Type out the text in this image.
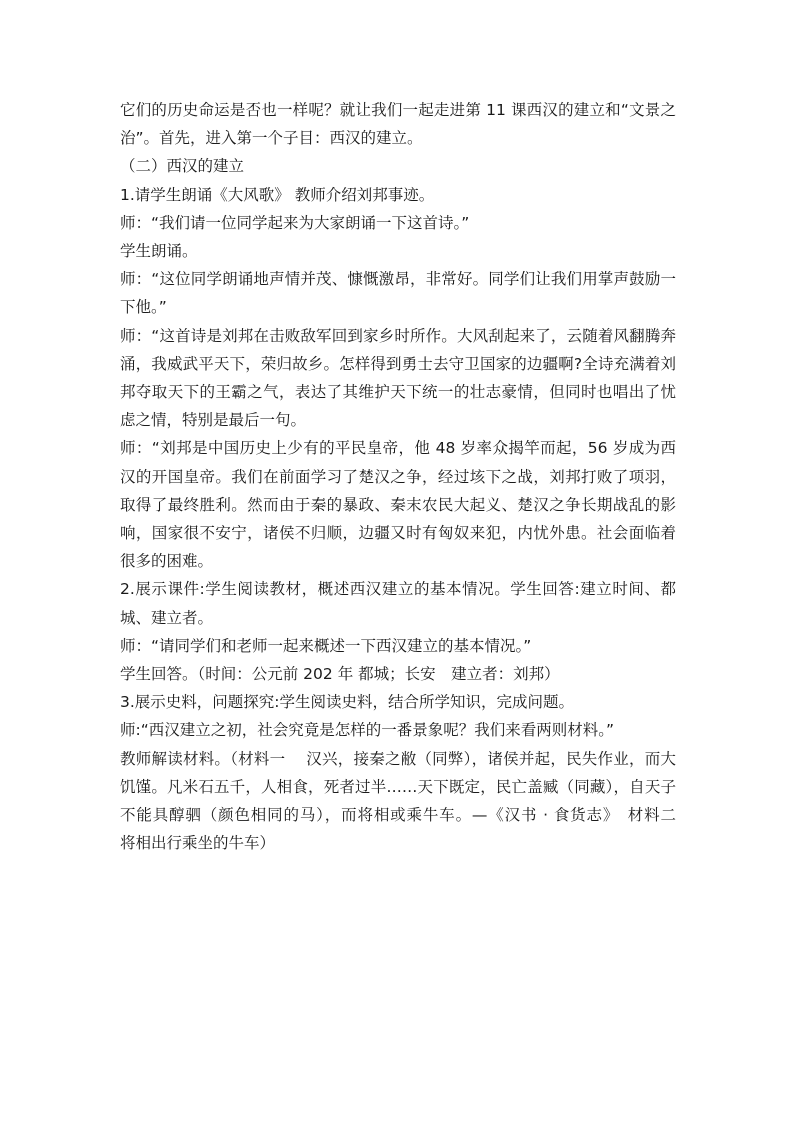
它们的历史命运是否也一样呢？就让我们一起走进第 11 课西汉的建立和“文景之治”。首先，进入第一个子目：西汉的建立。

（二）西汉的建立

1.请学生朗诵《大风歌》 教师介绍刘邦事迹。

师：“我们请一位同学起来为大家朗诵一下这首诗。”

学生朗诵。

师：“这位同学朗诵地声情并茂、慷慨激昂，非常好。同学们让我们用掌声鼓励一下他。”

师：“这首诗是刘邦在击败敌军回到家乡时所作。大风刮起来了，云随着风翻腾奔涌，我威武平天下，荣归故乡。怎样得到勇士去守卫国家的边疆啊?全诗充满着刘邦夺取天下的王霸之气，表达了其维护天下统一的壮志豪情，但同时也唱出了忧虑之情，特别是最后一句。

师：“刘邦是中国历史上少有的平民皇帝，他 48 岁率众揭竿而起，56 岁成为西汉的开国皇帝。我们在前面学习了楚汉之争，经过垓下之战，刘邦打败了项羽，取得了最终胜利。然而由于秦的暴政、秦末农民大起义、楚汉之争长期战乱的影响，国家很不安宁，诸侯不归顺，边疆又时有匈奴来犯，内忧外患。社会面临着很多的困难。

2.展示课件:学生阅读教材，概述西汉建立的基本情况。学生回答:建立时间、都城、建立者。

师：“请同学们和老师一起来概述一下西汉建立的基本情况。”

学生回答。（时间：公元前 202 年 都城；长安　建立者：刘邦）

3.展示史料，问题探究:学生阅读史料，结合所学知识，完成问题。

师:“西汉建立之初，社会究竟是怎样的一番景象呢？我们来看两则材料。”

教师解读材料。（材料一　 汉兴，接秦之敝（同弊），诸侯并起，民失作业，而大饥馑。凡米石五千，人相食，死者过半……天下既定，民亡盖臧（同藏），自天子不能具醇驷（颜色相同的马），而将相或乘牛车。—《汉书 · 食货志》　材料二　 将相出行乘坐的牛车）
